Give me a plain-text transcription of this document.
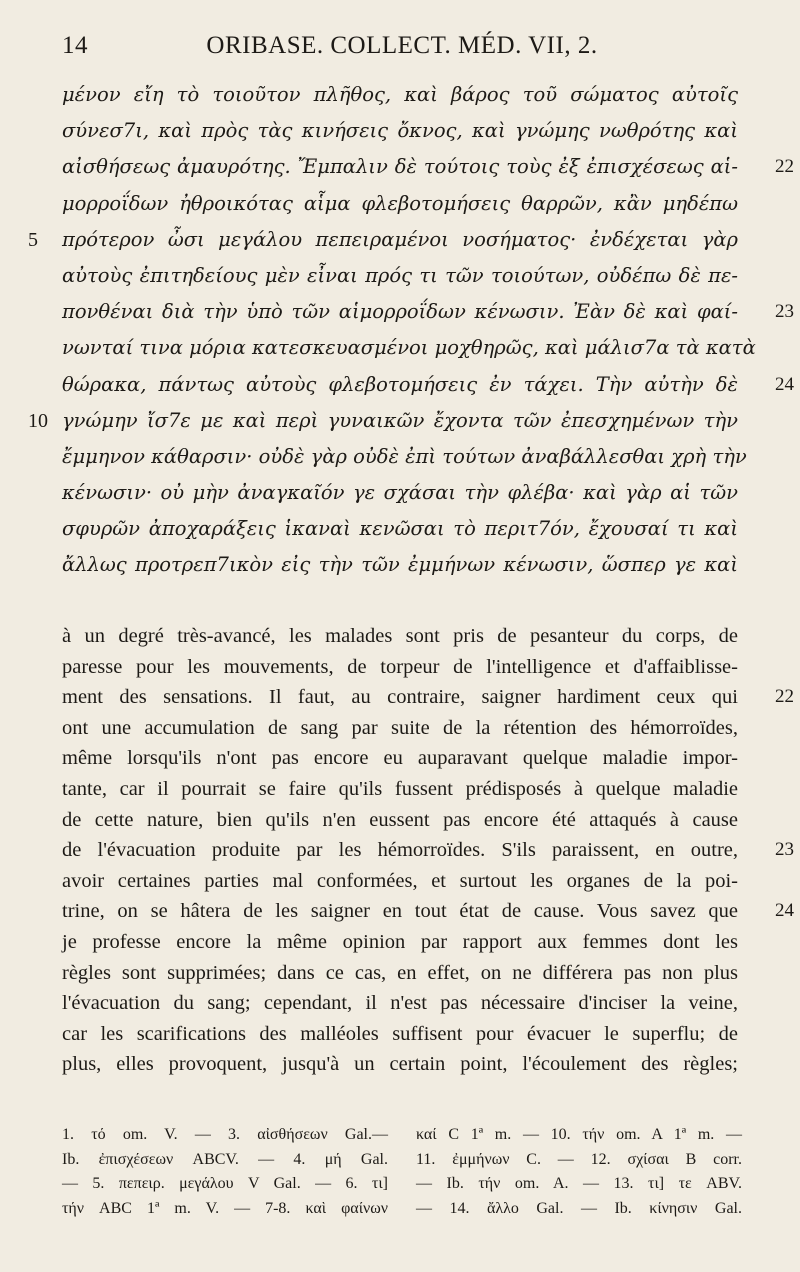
14	ORIBASE. COLLECT. MÉD. VII, 2.
μένον εἴη τὸ τοιοῦτον πλῆθος, καὶ βάρος τοῦ σώματος αὐτοῖς
σύνεσ7ι, καὶ πρὸς τὰς κινήσεις ὄκνος, καὶ γνώμης νωθρότης καὶ
αἰσθήσεως ἀμαυρότης. Ἔμπαλιν δὲ τούτοις τοὺς ἐξ ἐπισχέσεως αἱ-	22
μορροΐδων ἠθροικότας αἷμα φλεβοτομήσεις θαρρῶν, κἂν μηδέπω
πρότερον ὦσι μεγάλου πεπειραμένοι νοσήματος· ἐνδέχεται γὰρ
5
αὐτοὺς ἐπιτηδείους μὲν εἶναι πρός τι τῶν τοιούτων, οὐδέπω δὲ πε-
πονθέναι διὰ τὴν ὑπὸ τῶν αἱμορροΐδων κένωσιν. Ἐὰν δὲ καὶ φαί-	23
νωνταί τινα μόρια κατεσκευασμένοι μοχθηρῶς, καὶ μάλισ7α τὰ κατὰ
θώρακα, πάντως αὐτοὺς φλεβοτομήσεις ἐν τάχει. Τὴν αὐτὴν δὲ	24
γνώμην ἴσ7ε με καὶ περὶ γυναικῶν ἔχοντα τῶν ἐπεσχημένων τὴν
10
ἔμμηνον κάθαρσιν· οὐδὲ γὰρ οὐδὲ ἐπὶ τούτων ἀναβάλλεσθαι χρὴ τὴν
κένωσιν· οὐ μὴν ἀναγκαῖόν γε σχάσαι τὴν φλέβα· καὶ γὰρ αἱ τῶν
σφυρῶν ἀποχαράξεις ἱκαναὶ κενῶσαι τὸ περιτ7όν, ἔχουσαί τι καὶ
ἄλλως προτρεπ7ικὸν εἰς τὴν τῶν ἐμμήνων κένωσιν, ὥσπερ γε καὶ
à un degré très-avancé, les malades sont pris de pesanteur du corps, de
paresse pour les mouvements, de torpeur de l'intelligence et d'affaiblisse-
ment des sensations. Il faut, au contraire, saigner hardiment ceux qui	22
ont une accumulation de sang par suite de la rétention des hémorroïdes,
même lorsqu'ils n'ont pas encore eu auparavant quelque maladie impor-
tante, car il pourrait se faire qu'ils fussent prédisposés à quelque maladie
de cette nature, bien qu'ils n'en eussent pas encore été attaqués à cause
de l'évacuation produite par les hémorroïdes. S'ils paraissent, en outre,	23
avoir certaines parties mal conformées, et surtout les organes de la poi-
trine, on se hâtera de les saigner en tout état de cause. Vous savez que	24
je professe encore la même opinion par rapport aux femmes dont les
règles sont supprimées; dans ce cas, en effet, on ne différera pas non plus
l'évacuation du sang; cependant, il n'est pas nécessaire d'inciser la veine,
car les scarifications des malléoles suffisent pour évacuer le superflu; de
plus, elles provoquent, jusqu'à un certain point, l'écoulement des règles;
1. τό om. V. — 3. αἰσθήσεων Gal.—
Ib. ἐπισχέσεων ABCV. — 4. μή Gal.
— 5. πεπειρ. μεγάλου V Gal. — 6. τι]
τήν ABC 1ª m. V. — 7-8. καὶ φαίνων
καί C 1ª m. — 10. τήν om. A 1ª m. —
11. ἐμμήνων C. — 12. σχίσαι B corr.
— Ib. τήν om. A. — 13. τι] τε ABV.
— 14. ἄλλο Gal. — Ib. κίνησιν Gal.
